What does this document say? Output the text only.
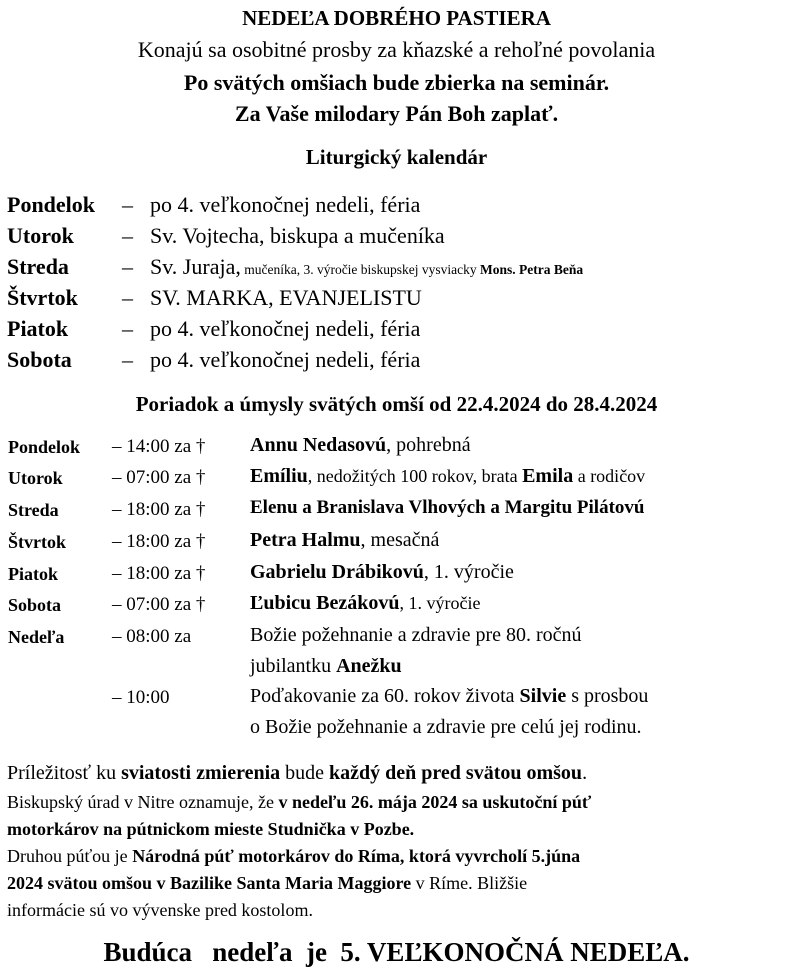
NEDEĽA DOBRÉHO PASTIERA
Konajú sa osobitné prosby za kňazské a rehoľné povolania
Po svätých omšiach bude zbierka na seminár.
Za Vaše milodary Pán Boh zaplať.
Liturgický kalendár
Pondelok – po 4. veľkonočnej nedeli, féria
Utorok – Sv. Vojtecha, biskupa a mučeníka
Streda – Sv. Juraja, mučeníka, 3. výročie biskupskej vysviacky Mons. Petra Beňa
Štvrtok – SV. MARKA, EVANJELISTU
Piatok – po 4. veľkonočnej nedeli, féria
Sobota – po 4. veľkonočnej nedeli, féria
Poriadok a úmysly svätých omší od 22.4.2024 do 28.4.2024
Pondelok – 14:00 za † Annu Nedasovú, pohrebná
Utorok	– 07:00 za † Emíliu, nedožitých 100 rokov, brata Emila a rodičov
Streda	– 18:00 za † Elenu a Branislava Vlhových a Margitu Pilátovú
Štvrtok – 18:00 za † Petra Halmu, mesačná
Piatok	– 18:00 za † Gabrielu Drábikovú, 1. výročie
Sobota	– 07:00 za † Ľubicu Bezákovú, 1. výročie
Nedeľa	– 08:00 za	Božie požehnanie a zdravie pre 80. ročnú
jubilantku Anežku
– 10:00	Poďakovanie za 60. rokov života Silvie s prosbou
o Božie požehnanie a zdravie pre celú jej rodinu.
Príležitosť ku sviatosti zmierenia bude každý deň pred svätou omšou.
Biskupský úrad v Nitre oznamuje, že v nedeľu 26. mája 2024 sa uskutoční púť
motorkárov na pútnickom mieste Studnička v Pozbe.
Druhou púťou je Národná púť motorkárov do Ríma, ktorá vyvrcholí 5.júna
2024 svätou omšou v Bazilike Santa Maria Maggiore v Ríme. Bližšie
informácie sú vo vývenske pred kostolom.
Budúca   nedeľa  je  5. VEĽKONOČNÁ NEDEĽA.
